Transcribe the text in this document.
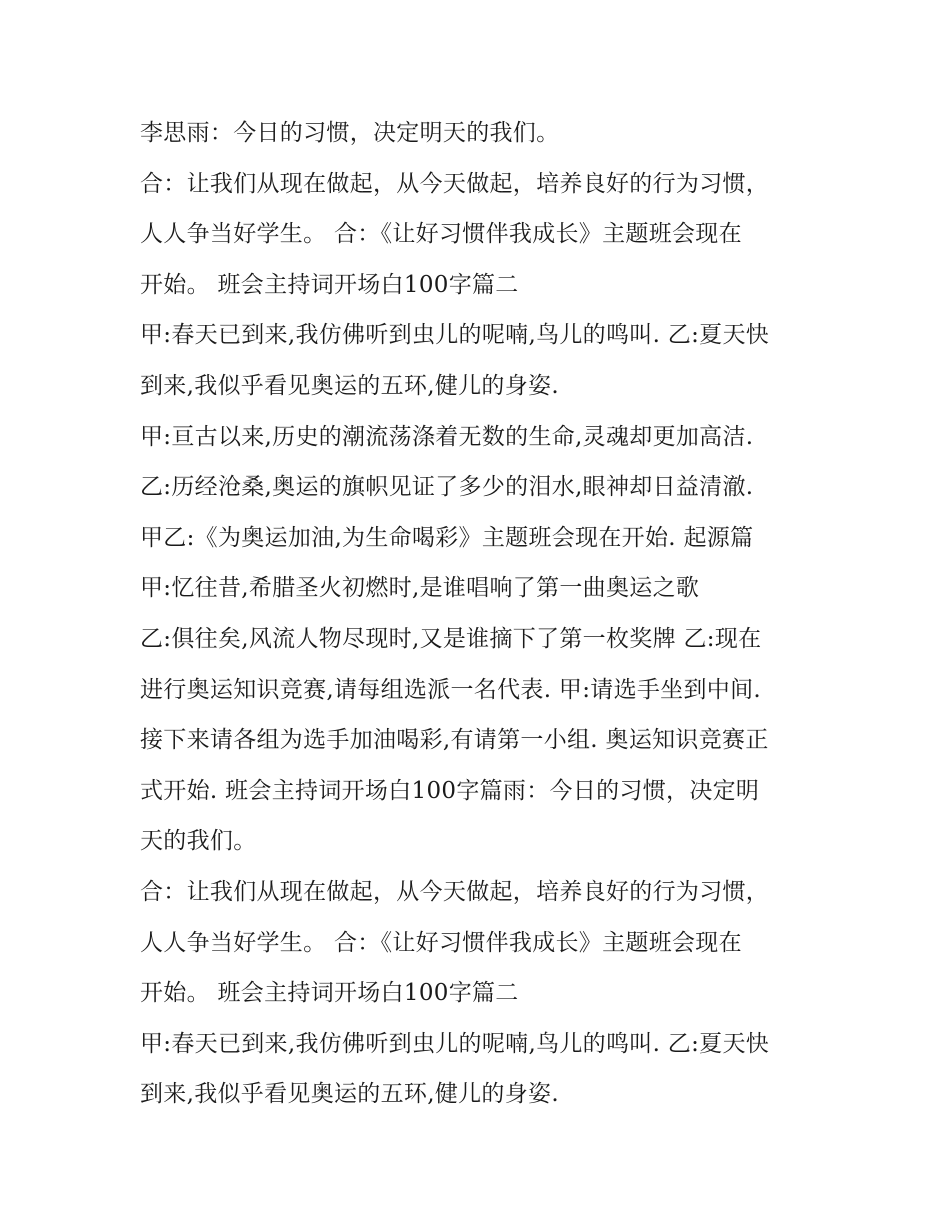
李思雨：今日的习惯，决定明天的我们。
合：让我们从现在做起，从今天做起，培养良好的行为习惯，
人人争当好学生。 合：《让好习惯伴我成长》主题班会现在
开始。 班会主持词开场白100字篇二
甲:春天已到来,我仿佛听到虫儿的呢喃,鸟儿的鸣叫. 乙:夏天快
到来,我似乎看见奥运的五环,健儿的身姿.
甲:亘古以来,历史的潮流荡涤着无数的生命,灵魂却更加高洁.
乙:历经沧桑,奥运的旗帜见证了多少的泪水,眼神却日益清澈.
甲乙:《为奥运加油,为生命喝彩》主题班会现在开始. 起源篇
甲:忆往昔,希腊圣火初燃时,是谁唱响了第一曲奥运之歌
乙:俱往矣,风流人物尽现时,又是谁摘下了第一枚奖牌 乙:现在
进行奥运知识竞赛,请每组选派一名代表. 甲:请选手坐到中间.
接下来请各组为选手加油喝彩,有请第一小组. 奥运知识竞赛正
式开始. 班会主持词开场白100字篇雨：今日的习惯，决定明
天的我们。
合：让我们从现在做起，从今天做起，培养良好的行为习惯，
人人争当好学生。 合：《让好习惯伴我成长》主题班会现在
开始。 班会主持词开场白100字篇二
甲:春天已到来,我仿佛听到虫儿的呢喃,鸟儿的鸣叫. 乙:夏天快
到来,我似乎看见奥运的五环,健儿的身姿.
